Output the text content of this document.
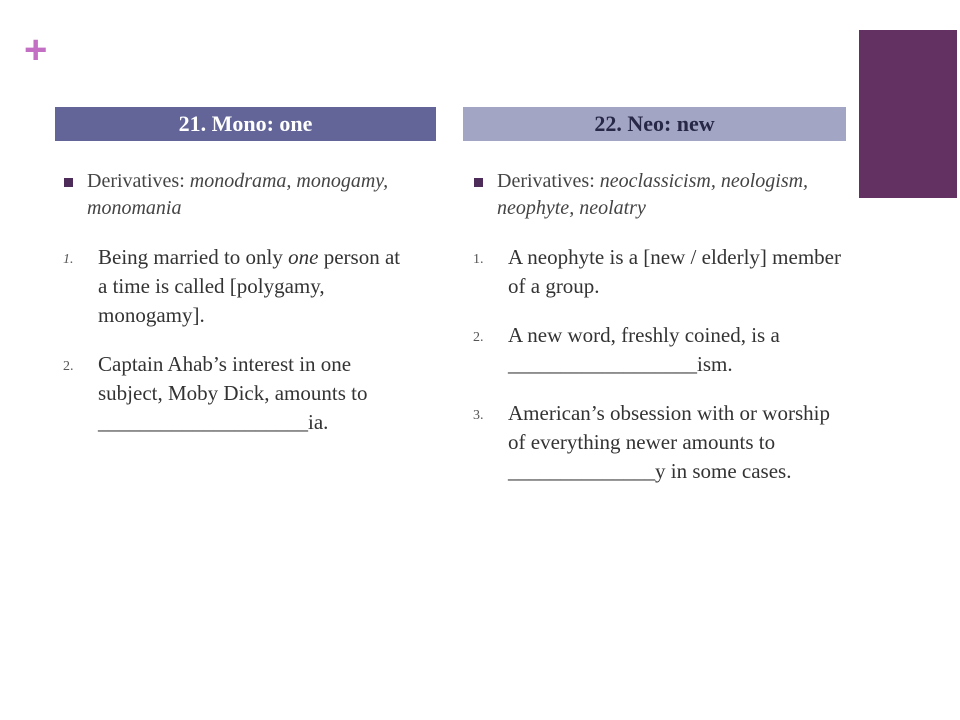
+
21. Mono: one	22. Neo: new
Derivatives: monodrama, monogamy, monomania
1. Being married to only one person at a time is called [polygamy, monogamy].
2. Captain Ahab’s interest in one subject, Moby Dick, amounts to ____________________ia.
Derivatives: neoclassicism, neologism, neophyte, neolatry
1. A neophyte is a [new / elderly] member of a group.
2. A new word, freshly coined, is a __________________ism.
3. American’s obsession with or worship of everything newer amounts to ______________y in some cases.
